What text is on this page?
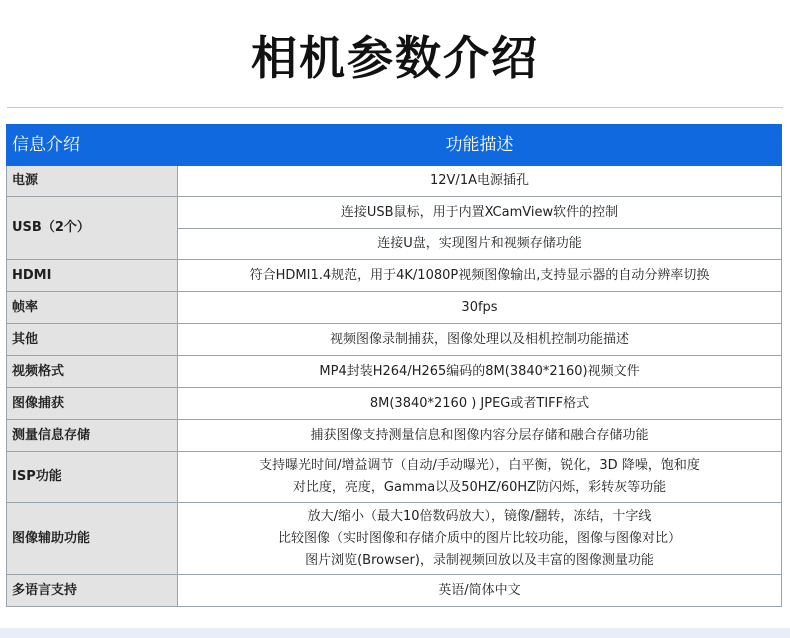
相机参数介绍
信息介绍	功能描述
电源	12V/1A电源插孔

USB（2个）	连接USB鼠标，用于内置XCamView软件的控制
	连接U盘，实现图片和视频存储功能
HDMI	符合HDMI1.4规范，用于4K/1080P视频图像输出,支持显示器的自动分辨率切换

帧率	30fps

其他	视频图像录制捕获，图像处理以及相机控制功能描述

视频格式	MP4封装H264/H265编码的8M(3840*2160)视频文件

图像捕获	8M(3840*2160 ) JPEG或者TIFF格式

测量信息存储	捕获图像支持测量信息和图像内容分层存储和融合存储功能

ISP功能	支持曝光时间/增益调节（自动/手动曝光），白平衡，锐化，3D 降噪，饱和度
对比度，亮度，Gamma以及50HZ/60HZ防闪烁，彩转灰等功能

图像辅助功能	放大/缩小（最大10倍数码放大），镜像/翻转，冻结，十字线
比较图像（实时图像和存储介质中的图片比较功能，图像与图像对比）
图片浏览(Browser)，录制视频回放以及丰富的图像测量功能

多语言支持	英语/简体中文
